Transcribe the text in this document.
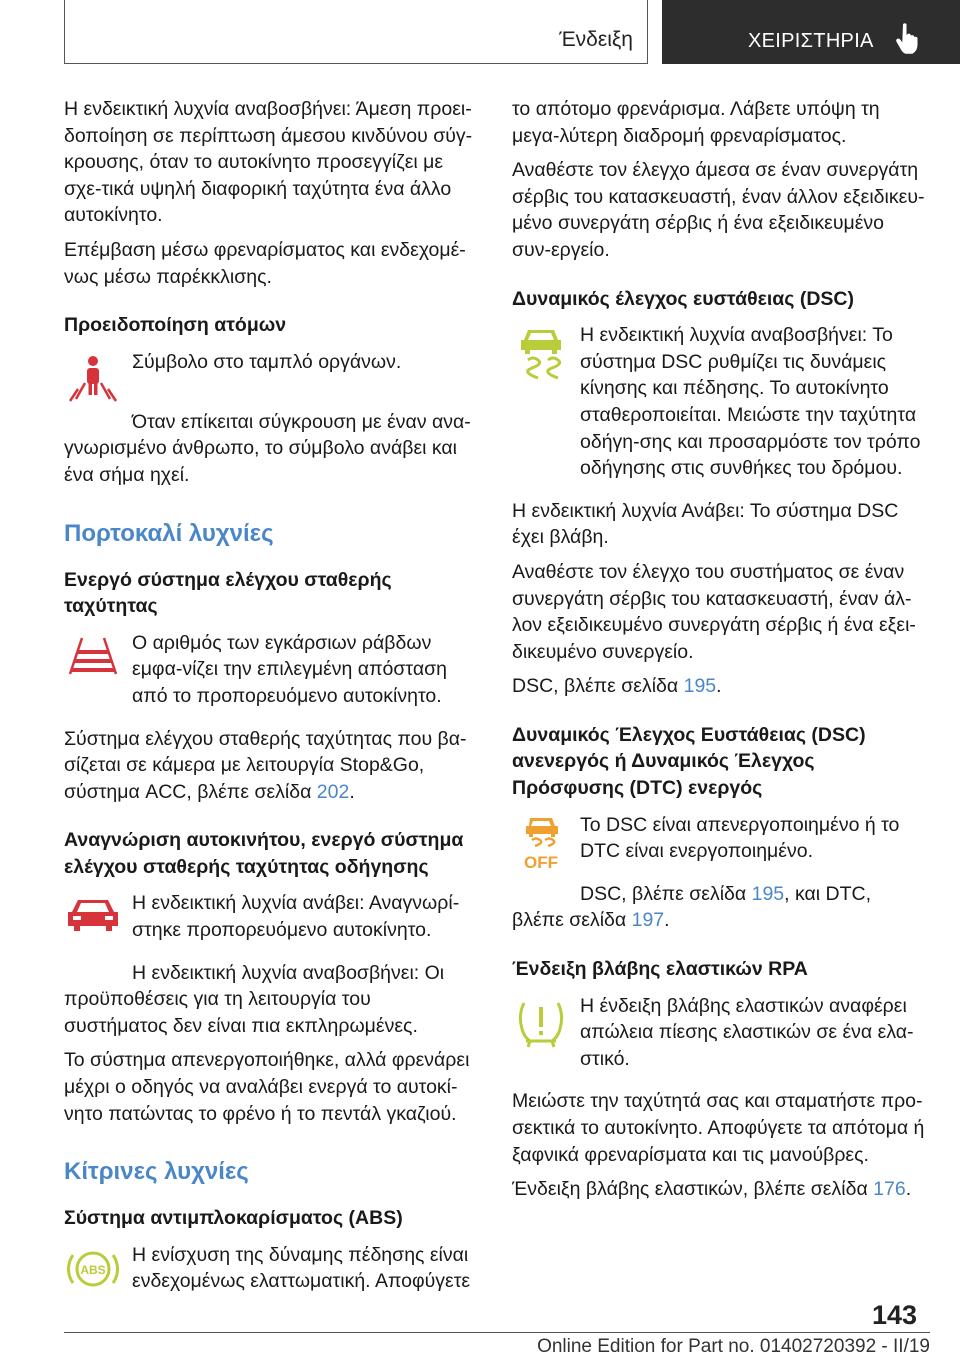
Ένδειξη	ΧΕΙΡΙΣΤΗΡΙΑ

Η ενδεικτική λυχνία αναβοσβήνει: Άμεση προει-δοποίηση σε περίπτωση άμεσου κινδύνου σύγ-κρουσης, όταν το αυτοκίνητο προσεγγίζει με σχε-τικά υψηλή διαφορική ταχύτητα ένα άλλο αυτοκίνητο.

Επέμβαση μέσω φρεναρίσματος και ενδεχομέ-νως μέσω παρέκκλισης.

Προειδοποίηση ατόμων

Σύμβολο στο ταμπλό οργάνων.

Όταν επίκειται σύγκρουση με έναν ανα-γνωρισμένο άνθρωπο, το σύμβολο ανάβει και ένα σήμα ηχεί.

Πορτοκαλί λυχνίες
Ενεργό σύστημα ελέγχου σταθερής ταχύτητας

Ο αριθμός των εγκάρσιων ράβδων εμφα-νίζει την επιλεγμένη απόσταση από το προπορευόμενο αυτοκίνητο.

Σύστημα ελέγχου σταθερής ταχύτητας που βα-σίζεται σε κάμερα με λειτουργία Stop&Go, σύστημα ACC, βλέπε σελίδα 202.

Αναγνώριση αυτοκινήτου, ενεργό σύστημα ελέγχου σταθερής ταχύτητας οδήγησης

Η ενδεικτική λυχνία ανάβει: Αναγνωρί-στηκε προπορευόμενο αυτοκίνητο.

Η ενδεικτική λυχνία αναβοσβήνει: Οι προϋποθέσεις για τη λειτουργία του συστήματος δεν είναι πια εκπληρωμένες.

Το σύστημα απενεργοποιήθηκε, αλλά φρενάρει μέχρι ο οδηγός να αναλάβει ενεργά το αυτοκί-νητο πατώντας το φρένο ή το πεντάλ γκαζιού.

Κίτρινες λυχνίες
Σύστημα αντιμπλοκαρίσματος (ABS)
ABS

Η ενίσχυση της δύναμης πέδησης είναι ενδεχομένως ελαττωματική. Αποφύγετε

το απότομο φρενάρισμα. Λάβετε υπόψη τη μεγα-λύτερη διαδρομή φρεναρίσματος.

Αναθέστε τον έλεγχο άμεσα σε έναν συνεργάτη σέρβις του κατασκευαστή, έναν άλλον εξειδικευ-μένο συνεργάτη σέρβις ή ένα εξειδικευμένο συν-εργείο.

Δυναμικός έλεγχος ευστάθειας (DSC)

Η ενδεικτική λυχνία αναβοσβήνει: Το σύστημα DSC ρυθμίζει τις δυνάμεις κίνησης και πέδησης. Το αυτοκίνητο σταθεροποιείται. Μειώστε την ταχύτητα οδήγη-σης και προσαρμόστε τον τρόπο οδήγησης στις συνθήκες του δρόμου.

Η ενδεικτική λυχνία Ανάβει: Το σύστημα DSC έχει βλάβη.

Αναθέστε τον έλεγχο του συστήματος σε έναν συνεργάτη σέρβις του κατασκευαστή, έναν άλ-λον εξειδικευμένο συνεργάτη σέρβις ή ένα εξει-δικευμένο συνεργείο.

DSC, βλέπε σελίδα 195.

Δυναμικός Έλεγχος Ευστάθειας (DSC) ανενεργός ή Δυναμικός Έλεγχος Πρόσφυσης (DTC) ενεργός
OFF

Το DSC είναι απενεργοποιημένο ή το DTC είναι ενεργοποιημένο.

DSC, βλέπε σελίδα 195, και DTC, βλέπε σελίδα 197.

Ένδειξη βλάβης ελαστικών RPA

Η ένδειξη βλάβης ελαστικών αναφέρει απώλεια πίεσης ελαστικών σε ένα ελα-στικό.

Μειώστε την ταχύτητά σας και σταματήστε προ-σεκτικά το αυτοκίνητο. Αποφύγετε τα απότομα ή ξαφνικά φρεναρίσματα και τις μανούβρες.

Ένδειξη βλάβης ελαστικών, βλέπε σελίδα 176.

143
Online Edition for Part no. 01402720392 - II/19
